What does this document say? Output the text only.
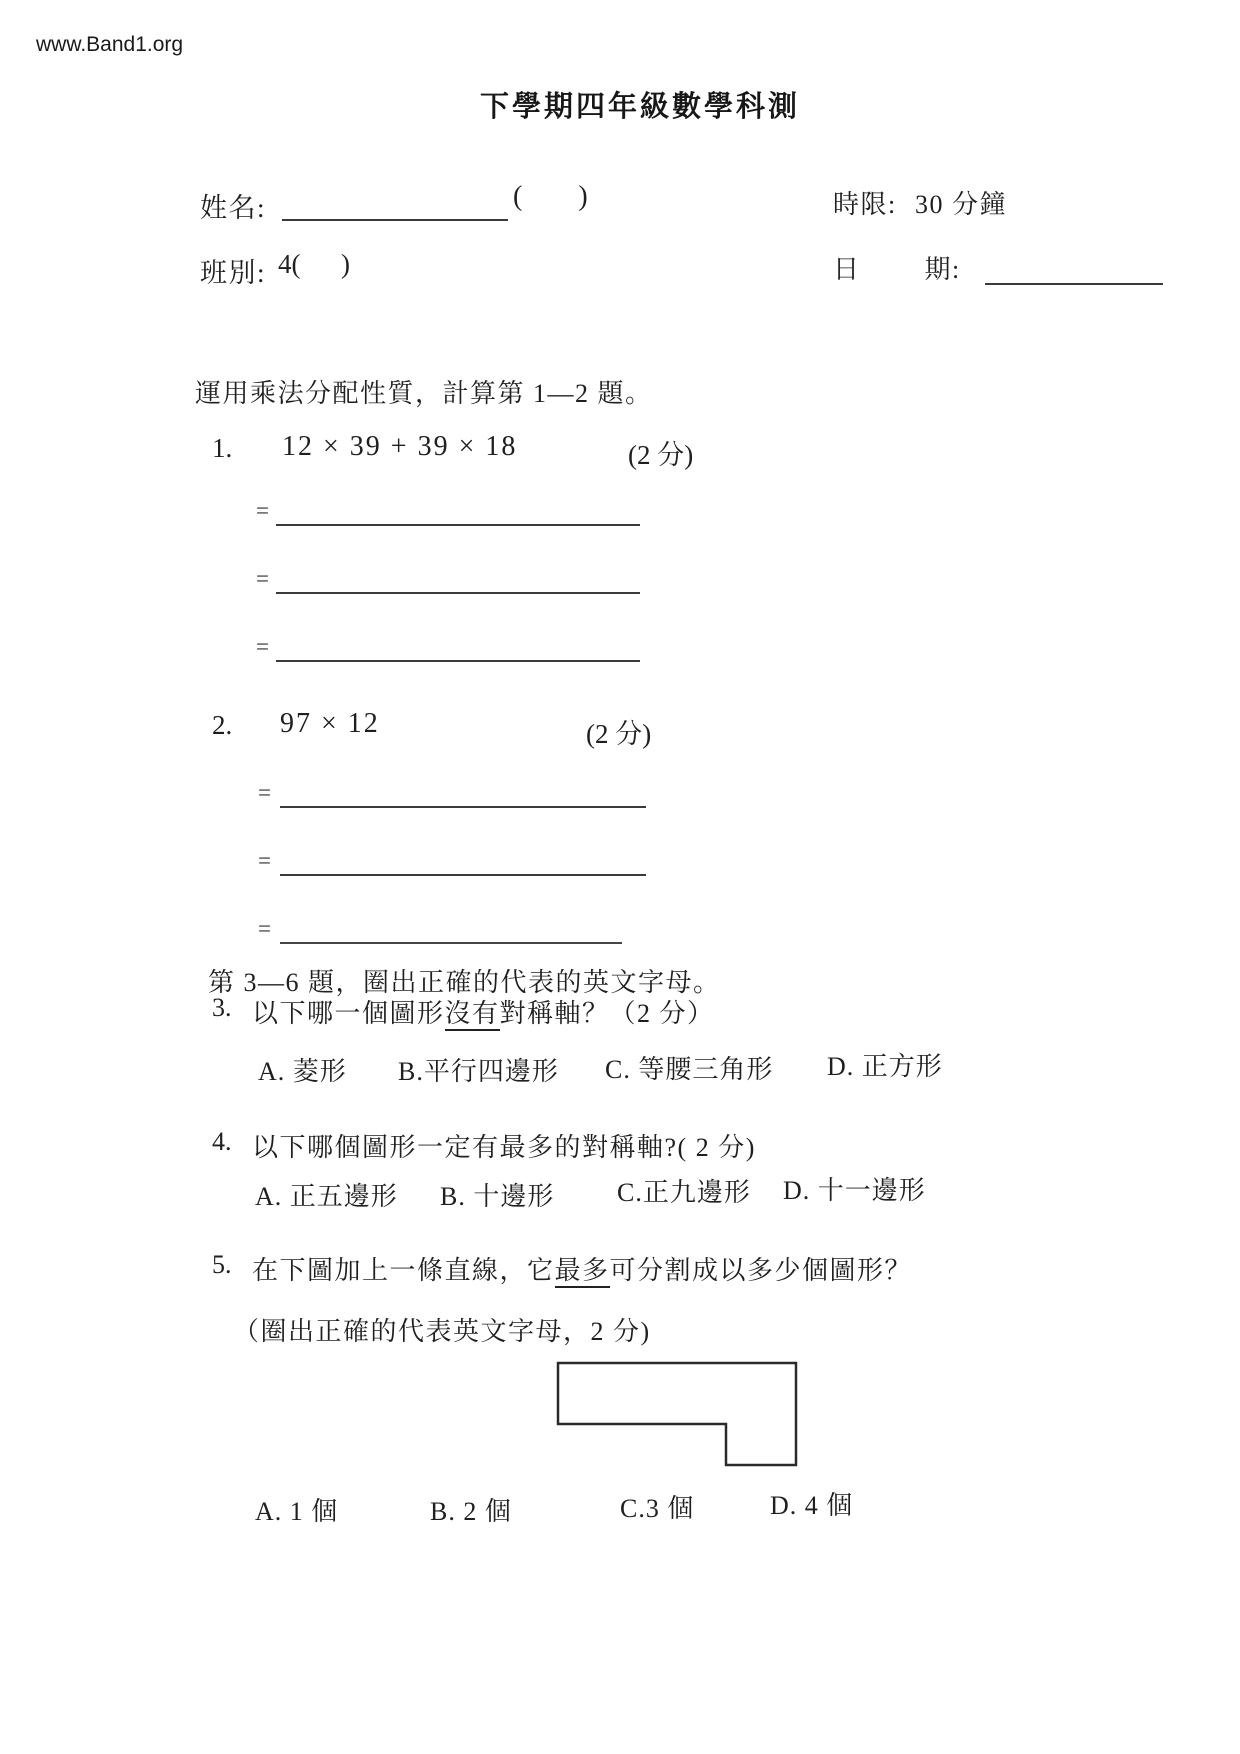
www.Band1.org
下學期四年級數學科測
姓名:	(        )
班別: 4(      )
時限: 30 分鐘
日        期:
運用乘法分配性質，計算第 1—2 題。
1. 12 × 39 + 39 × 18	(2 分)
=
=
=
2. 97 × 12	(2 分)
=
=
=
第 3—6 題，圈出正確的代表的英文字母。
3. 以下哪一個圖形沒有對稱軸？（2 分）
A. 菱形 B.平行四邊形 C. 等腰三角形 D. 正方形
4. 以下哪個圖形一定有最多的對稱軸?( 2 分)
A. 正五邊形 B. 十邊形 C.正九邊形 D. 十一邊形
5. 在下圖加上一條直線，它最多可分割成以多少個圖形？
（圈出正確的代表英文字母，2 分)
A. 1 個	B. 2 個	C.3 個	D. 4 個
